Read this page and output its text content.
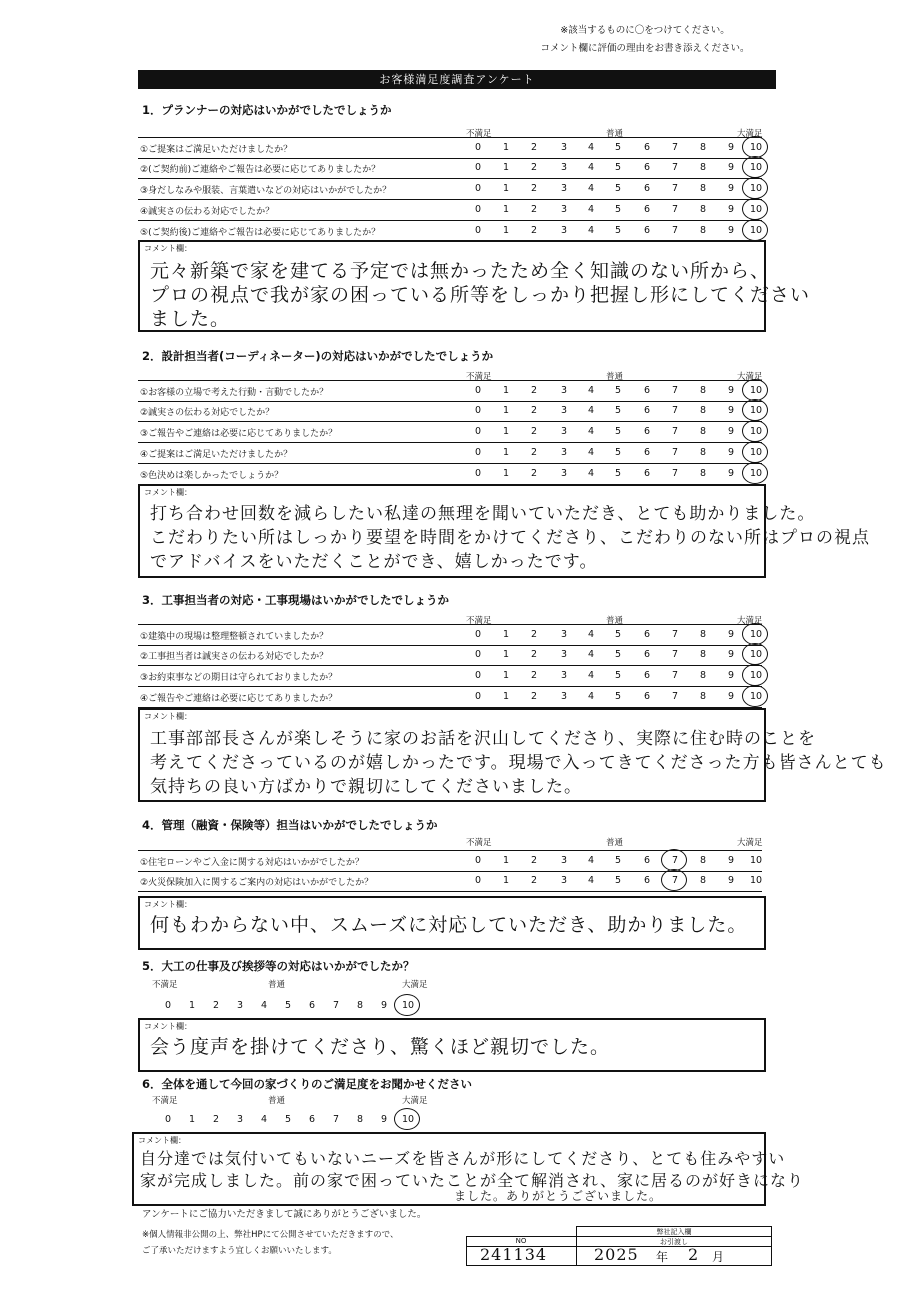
※該当するものに〇をつけてください。
コメント欄に評価の理由をお書き添えください。
お客様満足度調査アンケート
1．プランナーの対応はいかがでしたでしょうか
不満足	普通	大満足
①ご提案はご満足いただけましたか？	0	1	2	3	4	5	6	7	8	9	10
②(ご契約前)ご連絡やご報告は必要に応じてありましたか？	0	1	2	3	4	5	6	7	8	9	10
③身だしなみや服装、言葉遣いなどの対応はいかがでしたか？	0	1	2	3	4	5	6	7	8	9	10
④誠実さの伝わる対応でしたか？	0	1	2	3	4	5	6	7	8	9	10
⑤(ご契約後)ご連絡やご報告は必要に応じてありましたか？	0	1	2	3	4	5	6	7	8	9	10
コメント欄：
元々新築で家を建てる予定では無かったため全く知識のない所から、
プロの視点で我が家の困っている所等をしっかり把握し形にしてください
ました。
2．設計担当者(コーディネーター)の対応はいかがでしたでしょうか
不満足	普通	大満足
①お客様の立場で考えた行動・言動でしたか？	0	1	2	3	4	5	6	7	8	9	10
②誠実さの伝わる対応でしたか？	0	1	2	3	4	5	6	7	8	9	10
③ご報告やご連絡は必要に応じてありましたか？	0	1	2	3	4	5	6	7	8	9	10
④ご提案はご満足いただけましたか？	0	1	2	3	4	5	6	7	8	9	10
⑤色決めは楽しかったでしょうか？	0	1	2	3	4	5	6	7	8	9	10
コメント欄：
打ち合わせ回数を減らしたい私達の無理を聞いていただき、とても助かりました。
こだわりたい所はしっかり要望を時間をかけてくださり、こだわりのない所はプロの視点
でアドバイスをいただくことができ、嬉しかったです。
3．工事担当者の対応・工事現場はいかがでしたでしょうか
不満足	普通	大満足
①建築中の現場は整理整頓されていましたか？	0	1	2	3	4	5	6	7	8	9	10
②工事担当者は誠実さの伝わる対応でしたか？	0	1	2	3	4	5	6	7	8	9	10
③お約束事などの期日は守られておりましたか？	0	1	2	3	4	5	6	7	8	9	10
④ご報告やご連絡は必要に応じてありましたか？	0	1	2	3	4	5	6	7	8	9	10
コメント欄：
工事部部長さんが楽しそうに家のお話を沢山してくださり、実際に住む時のことを
考えてくださっているのが嬉しかったです。現場で入ってきてくださった方も皆さんとても
気持ちの良い方ばかりで親切にしてくださいました。
4．管理（融資・保険等）担当はいかがでしたでしょうか
不満足	普通	大満足
①住宅ローンやご入金に関する対応はいかがでしたか？	0	1	2	3	4	5	6	7	8	9	10
②火災保険加入に関するご案内の対応はいかがでしたか？	0	1	2	3	4	5	6	7	8	9	10
コメント欄：
何もわからない中、スムーズに対応していただき、助かりました。
5．大工の仕事及び挨拶等の対応はいかがでしたか？
不満足	普通	大満足
0	1	2	3	4	5	6	7	8	9	10
コメント欄：
会う度声を掛けてくださり、驚くほど親切でした。
6．全体を通して今回の家づくりのご満足度をお聞かせください
不満足	普通	大満足
0	1	2	3	4	5	6	7	8	9	10
コメント欄：
自分達では気付いてもいないニーズを皆さんが形にしてくださり、とても住みやすい
家が完成しました。前の家で困っていたことが全て解消され、家に居るのが好きになり
ました。ありがとうございました。
アンケートにご協力いただきまして誠にありがとうございました。
※個人情報非公開の上、弊社HPにて公開させていただきますので、
ご了承いただけますよう宜しくお願いいたします。
弊社記入欄
NO	お引渡し
241134	2025 年 2 月
